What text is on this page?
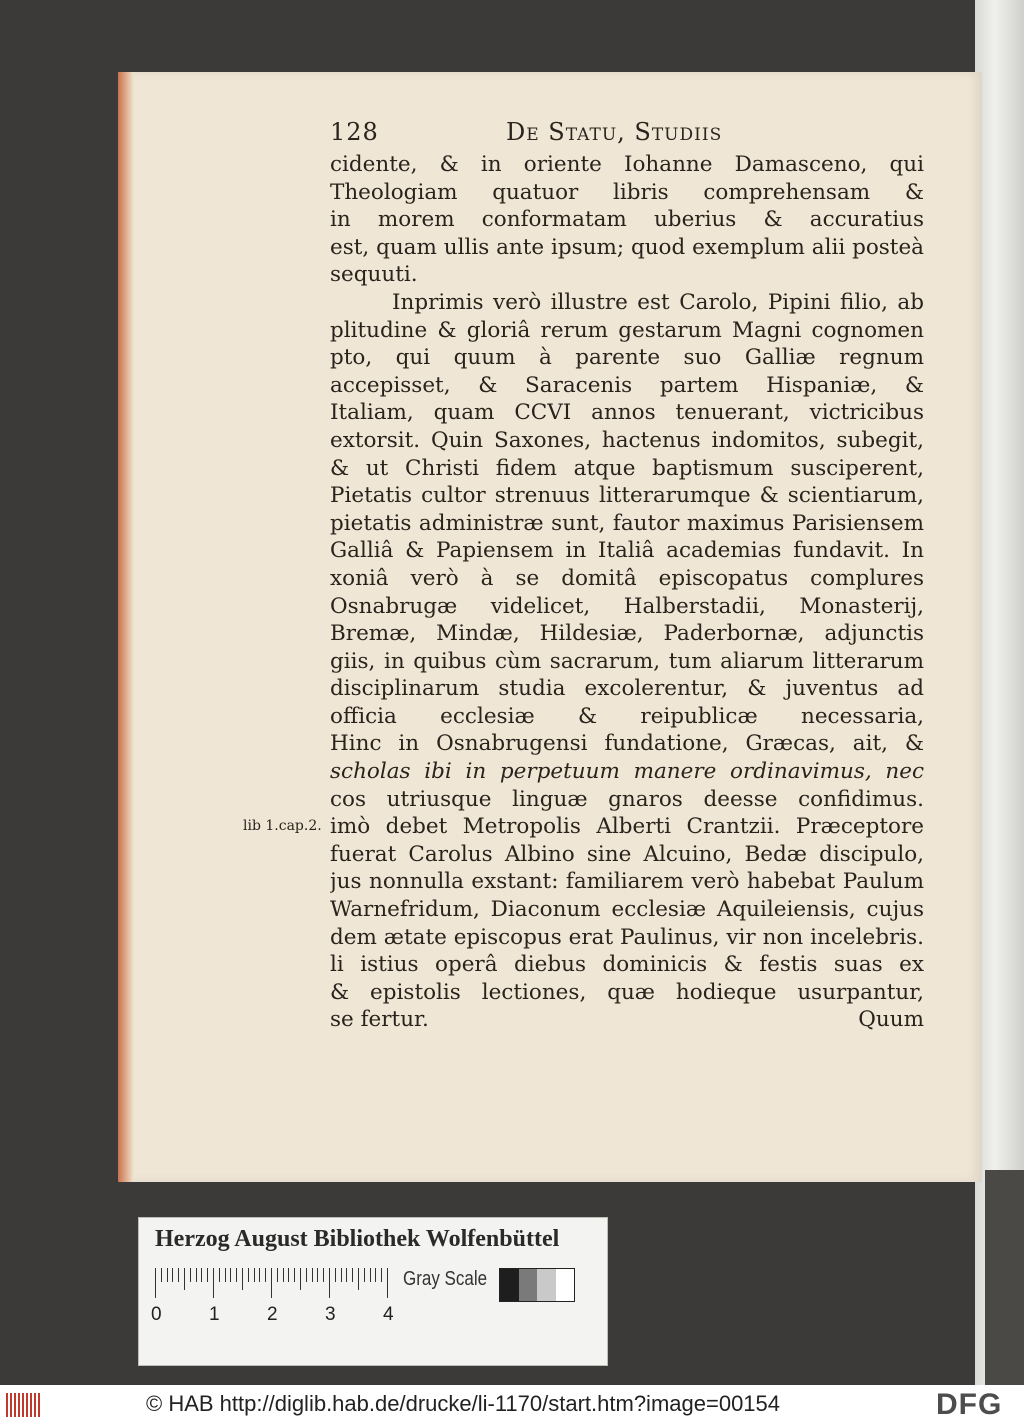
128	De Statu, Studiis
lib 1.cap.2.
cidente, & in oriente Iohanne Damasceno, qui
Theologiam quatuor libris comprehensam &
in morem conformatam uberius & accuratius
est, quam ullis ante ipsum; quod exemplum alii posteà
sequuti.
Inprimis verò illustre est Carolo, Pipini filio, ab
plitudine & gloriâ rerum gestarum Magni cognomen
pto, qui quum à parente suo Galliæ regnum
accepisset, & Saracenis partem Hispaniæ, &
Italiam, quam CCVI annos tenuerant, victricibus
extorsit. Quin Saxones, hactenus indomitos, subegit,
& ut Christi fidem atque baptismum susciperent,
Pietatis cultor strenuus litterarumque & scientiarum,
pietatis administræ sunt, fautor maximus Parisiensem
Galliâ & Papiensem in Italiâ academias fundavit. In
xoniâ verò à se domitâ episcopatus complures
Osnabrugæ videlicet, Halberstadii, Monasterij,
Bremæ, Mindæ, Hildesiæ, Paderbornæ, adjunctis
giis, in quibus cùm sacrarum, tum aliarum litterarum
disciplinarum studia excolerentur, & juventus ad
officia ecclesiæ & reipublicæ necessaria,
Hinc in Osnabrugensi fundatione, Græcas, ait, &
scholas ibi in perpetuum manere ordinavimus, nec
cos utriusque linguæ gnaros deesse confidimus.
imò debet Metropolis Alberti Crantzii. Præceptore
fuerat Carolus Albino sine Alcuino, Bedæ discipulo,
jus nonnulla exstant: familiarem verò habebat Paulum
Warnefridum, Diaconum ecclesiæ Aquileiensis, cujus
dem ætate episcopus erat Paulinus, vir non incelebris.
li istius operâ diebus dominicis & festis suas ex
& epistolis lectiones, quæ hodieque usurpantur,
se fertur.	Quum
Herzog August Bibliothek Wolfenbüttel
0 1 2 3 4
Gray Scale
© HAB http://diglib.hab.de/drucke/li-1170/start.htm?image=00154	DFG
